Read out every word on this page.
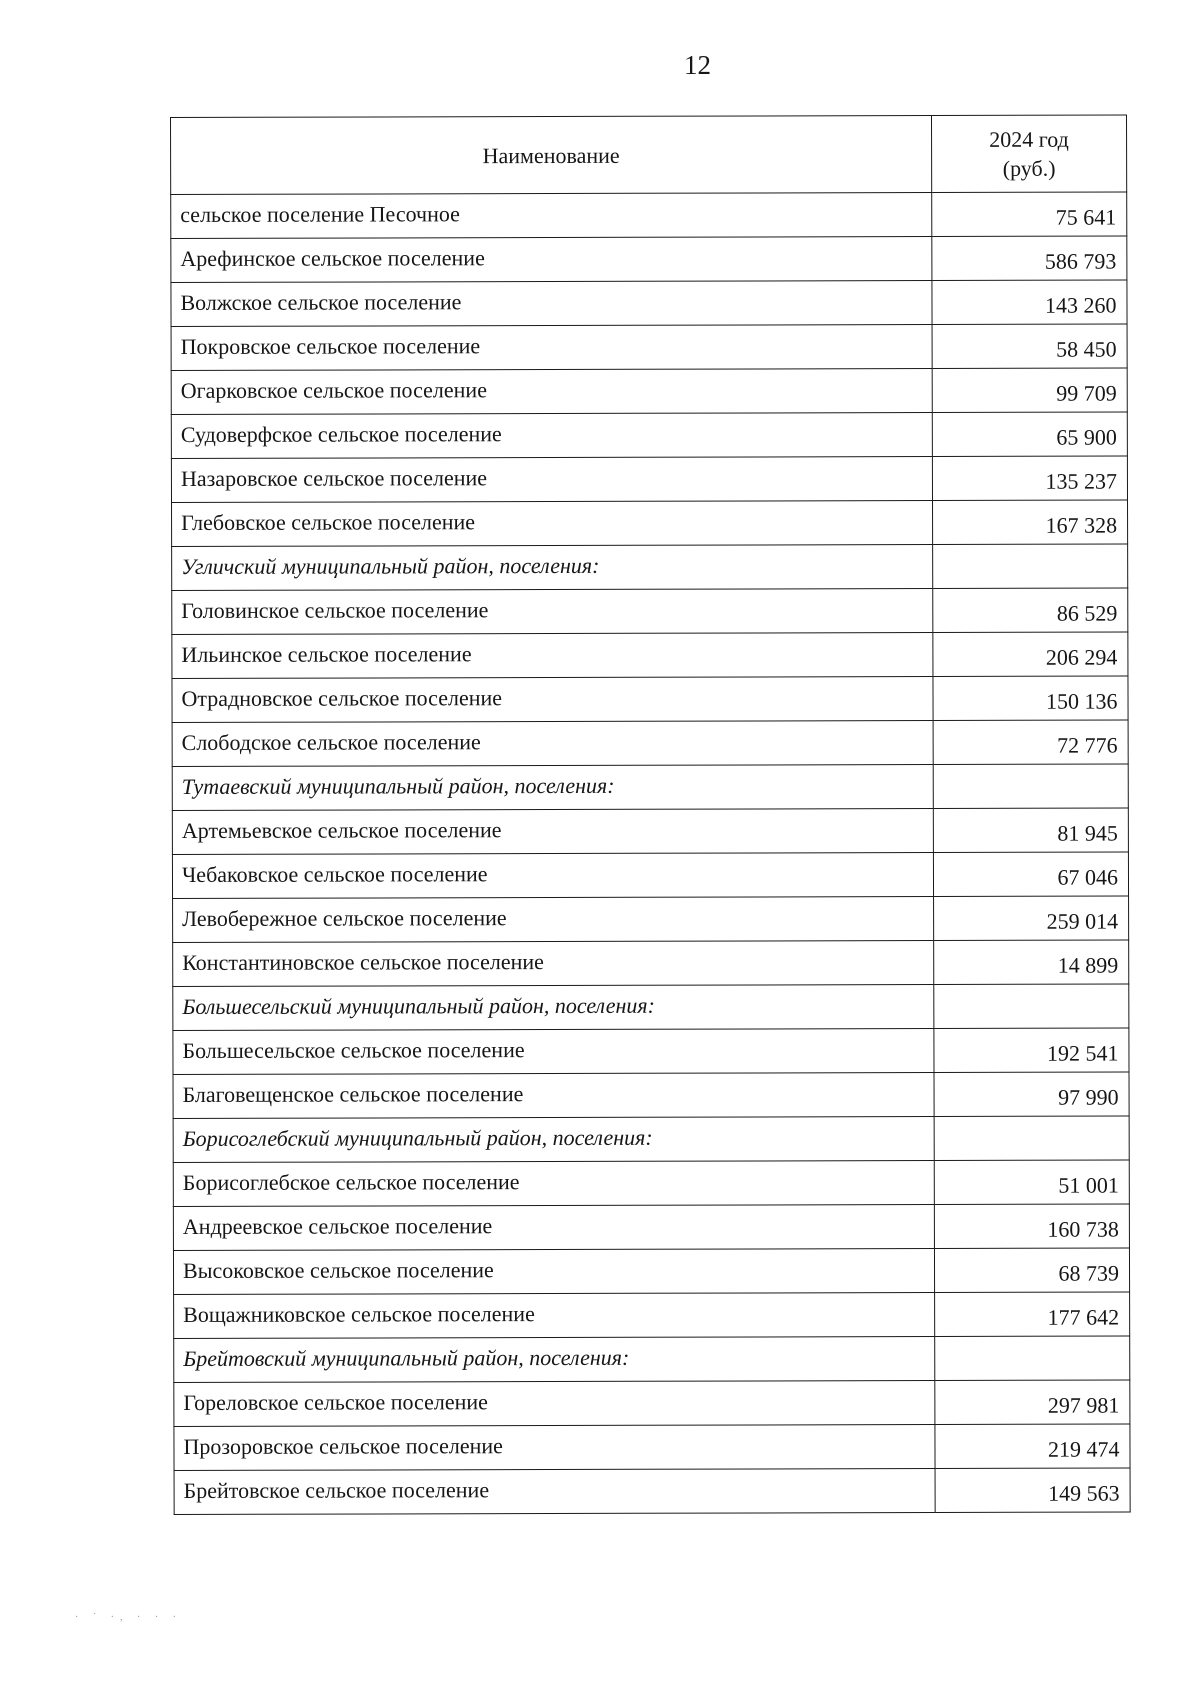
12
Наименование	2024 год
(руб.)
сельское поселение Песочное	75 641
Арефинское сельское поселение	586 793
Волжское сельское поселение	143 260
Покровское сельское поселение	58 450
Огарковское сельское поселение	99 709
Судоверфское сельское поселение	65 900
Назаровское сельское поселение	135 237
Глебовское сельское поселение	167 328
Угличский муниципальный район, поселения:	
Головинское сельское поселение	86 529
Ильинское сельское поселение	206 294
Отрадновское сельское поселение	150 136
Слободское сельское поселение	72 776
Тутаевский муниципальный район, поселения:	
Артемьевское сельское поселение	81 945
Чебаковское сельское поселение	67 046
Левобережное сельское поселение	259 014
Константиновское сельское поселение	14 899
Большесельский муниципальный район, поселения:	
Большесельское сельское поселение	192 541
Благовещенское сельское поселение	97 990
Борисоглебский муниципальный район, поселения:	
Борисоглебское сельское поселение	51 001
Андреевское сельское поселение	160 738
Высоковское сельское поселение	68 739
Вощажниковское сельское поселение	177 642
Брейтовский муниципальный район, поселения:	
Гореловское сельское поселение	297 981
Прозоровское сельское поселение	219 474
Брейтовское сельское поселение	149 563
· ˙ ·, · · ·
